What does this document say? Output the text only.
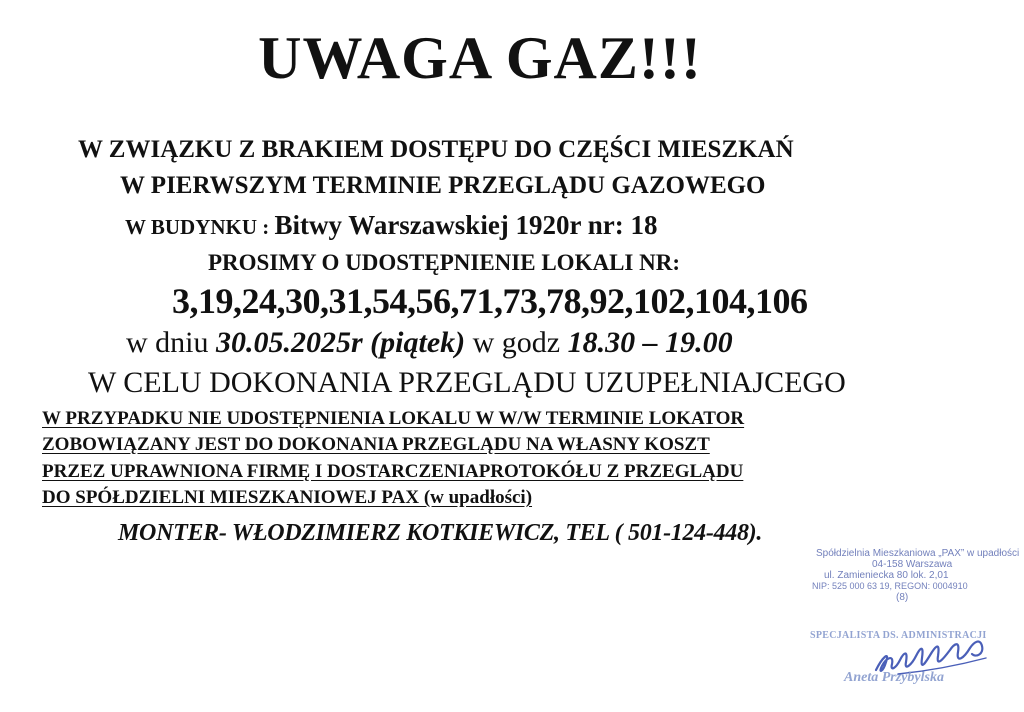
UWAGA GAZ!!!
W ZWIĄZKU Z BRAKIEM DOSTĘPU DO CZĘŚCI MIESZKAŃ
W PIERWSZYM TERMINIE PRZEGLĄDU GAZOWEGO
W BUDYNKU : Bitwy Warszawskiej 1920r nr: 18
PROSIMY O UDOSTĘPNIENIE LOKALI NR:
3,19,24,30,31,54,56,71,73,78,92,102,104,106
w dniu 30.05.2025r (piątek) w godz 18.30 – 19.00
W CELU DOKONANIA PRZEGLĄDU UZUPEŁNIAJCEGO
W PRZYPADKU NIE UDOSTĘPNIENIA LOKALU W W/W TERMINIE LOKATOR
ZOBOWIĄZANY JEST DO DOKONANIA PRZEGLĄDU NA WŁASNY KOSZT
PRZEZ UPRAWNIONA FIRMĘ I DOSTARCZENIAPROTOKÓŁU Z PRZEGLĄDU
DO SPÓŁDZIELNI MIESZKANIOWEJ PAX (w upadłości)
MONTER- WŁODZIMIERZ KOTKIEWICZ, TEL ( 501-124-448).
Spółdzielnia Mieszkaniowa „PAX” w upadłości
04-158 Warszawa
ul. Zamieniecka 80 lok. 2,01
NIP: 525 000 63 19, REGON: 0004910
(8)
SPECJALISTA DS. ADMINISTRACJI
Aneta Przybylska
